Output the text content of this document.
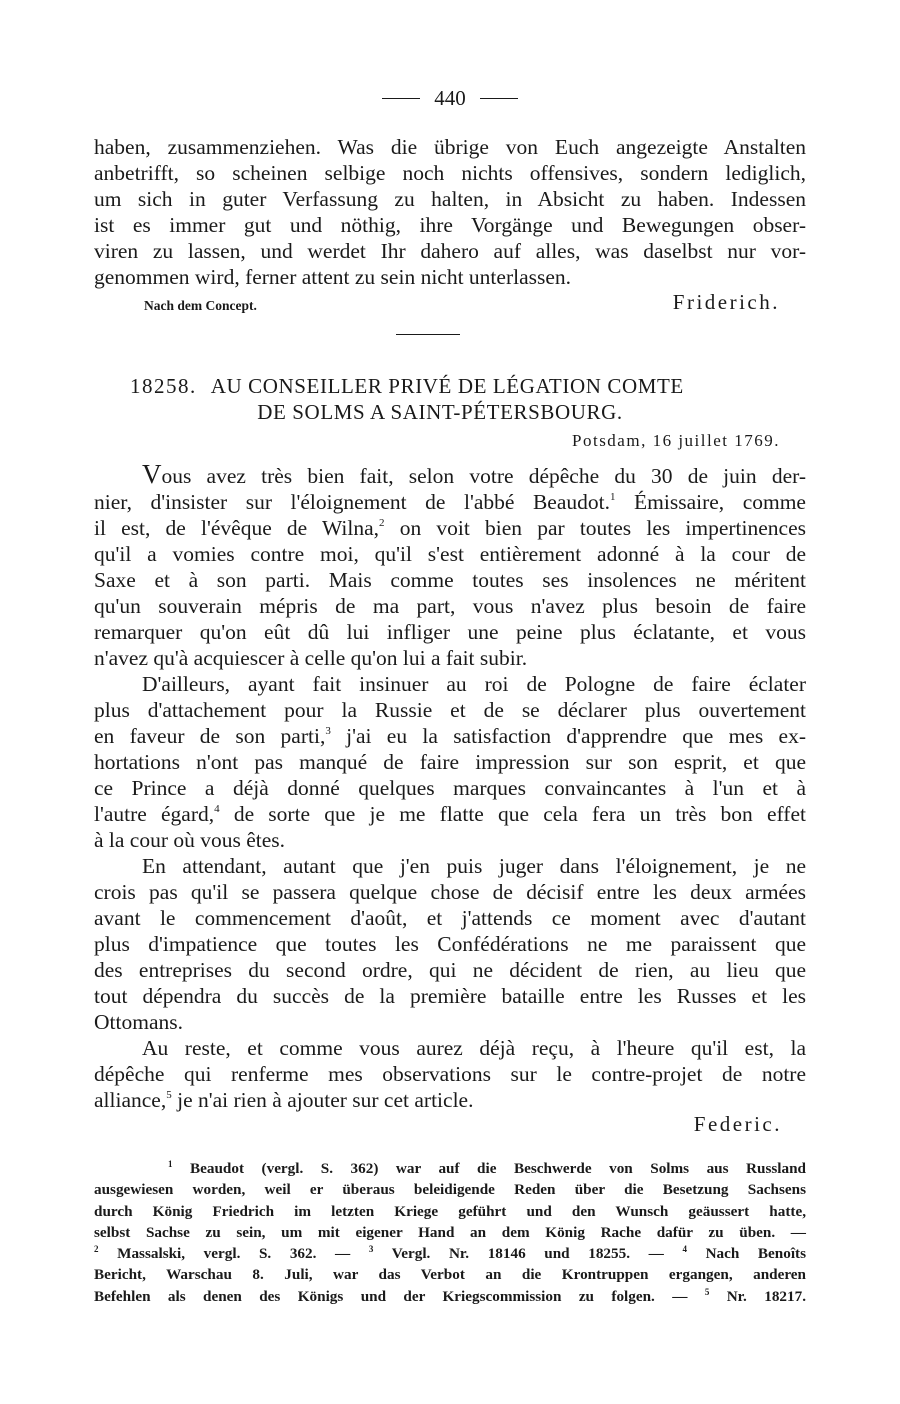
440
haben, zusammenziehen. Was die übrige von Euch angezeigte Anstalten
anbetrifft, so scheinen selbige noch nichts offensives, sondern lediglich,
um sich in guter Verfassung zu halten, in Absicht zu haben. Indessen
ist es immer gut und nöthig, ihre Vorgänge und Bewegungen obser-
viren zu lassen, und werdet Ihr dahero auf alles, was daselbst nur vor-
genommen wird, ferner attent zu sein nicht unterlassen.
Nach dem Concept.	Friderich.
18258. AU CONSEILLER PRIVÉ DE LÉGATION COMTE
DE SOLMS A SAINT-PÉTERSBOURG.
Potsdam, 16 juillet 1769.
Vous avez très bien fait, selon votre dépêche du 30 de juin der-
nier, d'insister sur l'éloignement de l'abbé Beaudot.$^1$ Émissaire, comme
il est, de l'évêque de Wilna,$^2$ on voit bien par toutes les impertinences
qu'il a vomies contre moi, qu'il s'est entièrement adonné à la cour de
Saxe et à son parti. Mais comme toutes ses insolences ne méritent
qu'un souverain mépris de ma part, vous n'avez plus besoin de faire
remarquer qu'on eût dû lui infliger une peine plus éclatante, et vous
n'avez qu'à acquiescer à celle qu'on lui a fait subir.
D'ailleurs, ayant fait insinuer au roi de Pologne de faire éclater
plus d'attachement pour la Russie et de se déclarer plus ouvertement
en faveur de son parti,$^3$ j'ai eu la satisfaction d'apprendre que mes ex-
hortations n'ont pas manqué de faire impression sur son esprit, et que
ce Prince a déjà donné quelques marques convaincantes à l'un et à
l'autre égard,$^4$ de sorte que je me flatte que cela fera un très bon effet
à la cour où vous êtes.
En attendant, autant que j'en puis juger dans l'éloignement, je ne
crois pas qu'il se passera quelque chose de décisif entre les deux armées
avant le commencement d'août, et j'attends ce moment avec d'autant
plus d'impatience que toutes les Confédérations ne me paraissent que
des entreprises du second ordre, qui ne décident de rien, au lieu que
tout dépendra du succès de la première bataille entre les Russes et les
Ottomans.
Au reste, et comme vous aurez déjà reçu, à l'heure qu'il est, la
dépêche qui renferme mes observations sur le contre-projet de notre
alliance,$^5$ je n'ai rien à ajouter sur cet article.
Federic.
$^1$ Beaudot (vergl. S. 362) war auf die Beschwerde von Solms aus Russland
ausgewiesen worden, weil er überaus beleidigende Reden über die Besetzung Sachsens
durch König Friedrich im letzten Kriege geführt und den Wunsch geäussert hatte,
selbst Sachse zu sein, um mit eigener Hand an dem König Rache dafür zu üben. —
$^2$ Massalski, vergl. S. 362. — $^3$ Vergl. Nr. 18146 und 18255. — $^4$ Nach Benoîts
Bericht, Warschau 8. Juli, war das Verbot an die Krontruppen ergangen, anderen
Befehlen als denen des Königs und der Kriegscommission zu folgen. — $^5$ Nr. 18217.
